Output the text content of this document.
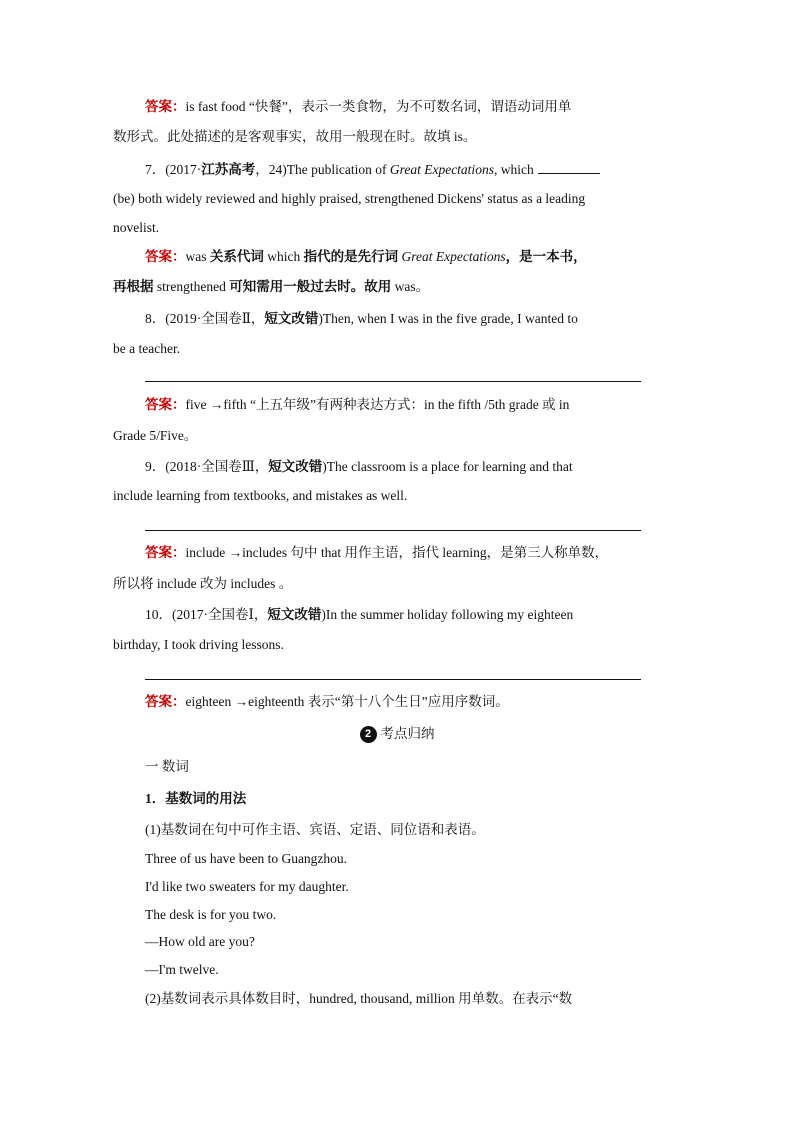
答案：is fast food “快餐”，表示一类食物，为不可数名词，谓语动词用单
数形式。此处描述的是客观事实，故用一般现在时。故填 is。
7．(2017·江苏高考，24)The publication of Great Expectations, which
(be) both widely reviewed and highly praised, strengthened Dickens' status as a leading
novelist.
答案：was 关系代词 which 指代的是先行词 Great Expectations，是一本书，
再根据 strengthened 可知需用一般过去时。故用 was。
8．(2019·全国卷Ⅱ，短文改错)Then, when I was in the five grade, I wanted to
be a teacher.
答案：five →fifth “上五年级”有两种表达方式：in the fifth /5th grade 或 in
Grade 5/Five。
9．(2018·全国卷Ⅲ，短文改错)The classroom is a place for learning and that
include learning from textbooks, and mistakes as well.
答案：include →includes 句中 that 用作主语，指代 learning，是第三人称单数，
所以将 include 改为 includes 。
10．(2017·全国卷Ⅰ，短文改错)In the summer holiday following my eighteen
birthday, I took driving lessons.
答案：eighteen →eighteenth 表示“第十八个生日”应用序数词。
2 考点归纳
一 数词
1．基数词的用法
(1)基数词在句中可作主语、宾语、定语、同位语和表语。
Three of us have been to Guangzhou.
I'd like two sweaters for my daughter.
The desk is for you two.
—How old are you?
—I'm twelve.
(2)基数词表示具体数目时，hundred, thousand, million 用单数。在表示“数
